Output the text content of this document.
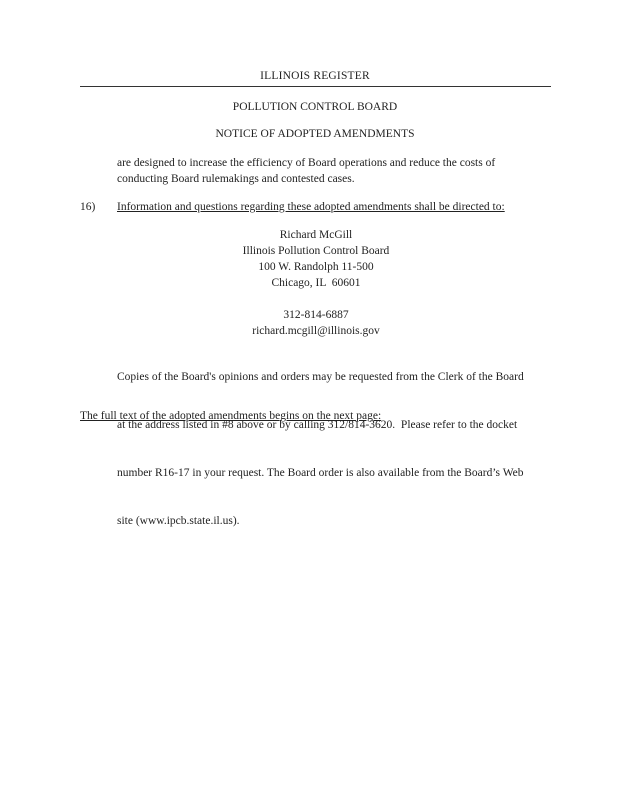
ILLINOIS REGISTER
POLLUTION CONTROL BOARD
NOTICE OF ADOPTED AMENDMENTS
are designed to increase the efficiency of Board operations and reduce the costs of
conducting Board rulemakings and contested cases.
16) Information and questions regarding these adopted amendments shall be directed to:
Richard McGill
Illinois Pollution Control Board
100 W. Randolph 11-500
Chicago, IL  60601
312-814-6887
richard.mcgill@illinois.gov

Copies of the Board's opinions and orders may be requested from the Clerk of the Board

at the address listed in #8 above or by calling 312/814-3620.  Please refer to the docket

number R16-17 in your request. The Board order is also available from the Board’s Web

site (www.ipcb.state.il.us).

The full text of the adopted amendments begins on the next page:
